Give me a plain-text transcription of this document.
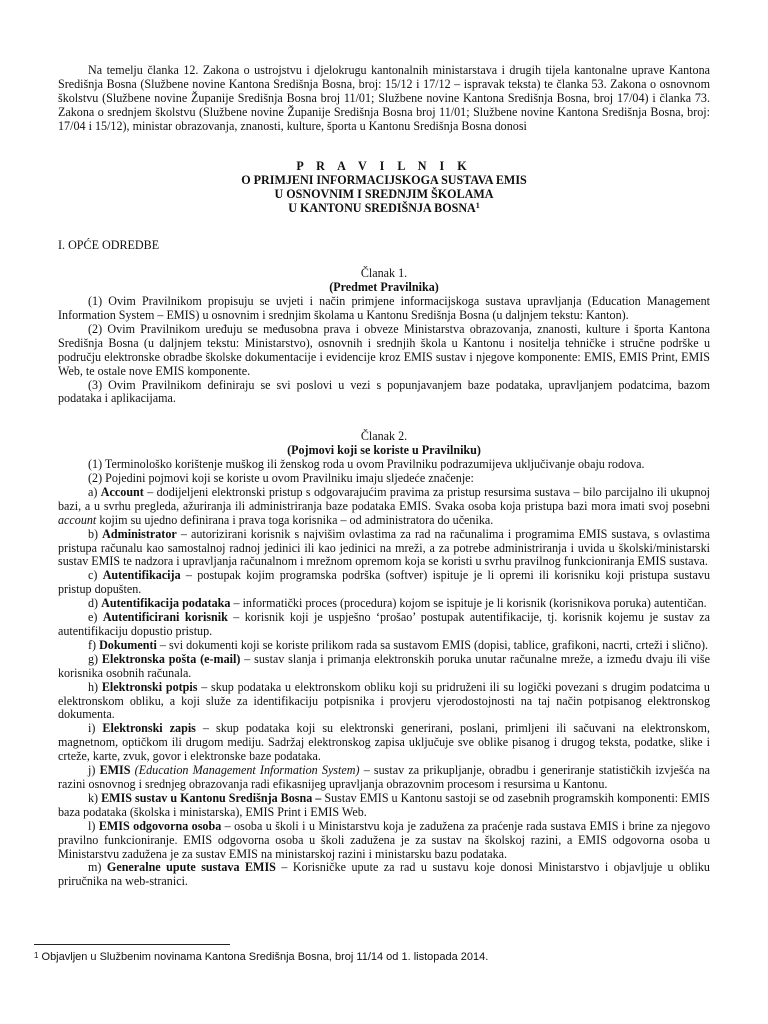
Na temelju članka 12. Zakona o ustrojstvu i djelokrugu kantonalnih ministarstava i drugih tijela kantonalne uprave Kantona Središnja Bosna (Službene novine Kantona Središnja Bosna, broj: 15/12 i 17/12 – ispravak teksta) te članka 53. Zakona o osnovnom školstvu (Službene novine Županije Središnja Bosna broj 11/01; Službene novine Kantona Središnja Bosna, broj 17/04) i članka 73. Zakona o srednjem školstvu (Službene novine Županije Središnja Bosna broj 11/01; Službene novine Kantona Središnja Bosna, broj: 17/04 i 15/12), ministar obrazovanja, znanosti, kulture, športa u Kantonu Središnja Bosna donosi

P R A V I L N I K
O PRIMJENI INFORMACIJSKOGA SUSTAVA EMIS
U OSNOVNIM I SREDNJIM ŠKOLAMA
U KANTONU SREDIŠNJA BOSNA$^1$
I. OPĆE ODREDBE
Članak 1.
(Predmet Pravilnika)

(1) Ovim Pravilnikom propisuju se uvjeti i način primjene informacijskoga sustava upravljanja (Education Management Information System – EMIS) u osnovnim i srednjim školama u Kantonu Središnja Bosna (u daljnjem tekstu: Kanton).

(2) Ovim Pravilnikom uređuju se međusobna prava i obveze Ministarstva obrazovanja, znanosti, kulture i športa Kantona Središnja Bosna (u daljnjem tekstu: Ministarstvo), osnovnih i srednjih škola u Kantonu i nositelja tehničke i stručne podrške u području elektronske obradbe školske dokumentacije i evidencije kroz EMIS sustav i njegove komponente: EMIS, EMIS Print, EMIS Web, te ostale nove EMIS komponente.

(3) Ovim Pravilnikom definiraju se svi poslovi u vezi s popunjavanjem baze podataka, upravljanjem podatcima, bazom podataka i aplikacijama.

Članak 2.
(Pojmovi koji se koriste u Pravilniku)

(1) Terminološko korištenje muškog ili ženskog roda u ovom Pravilniku podrazumijeva uključivanje obaju rodova.

(2) Pojedini pojmovi koji se koriste u ovom Pravilniku imaju sljedeće značenje:

a) Account – dodijeljeni elektronski pristup s odgovarajućim pravima za pristup resursima sustava – bilo parcijalno ili ukupnoj bazi, a u svrhu pregleda, ažuriranja ili administriranja baze podataka EMIS. Svaka osoba koja pristupa bazi mora imati svoj posebni account kojim su ujedno definirana i prava toga korisnika – od administratora do učenika.

b) Administrator – autorizirani korisnik s najvišim ovlastima za rad na računalima i programima EMIS sustava, s ovlastima pristupa računalu kao samostalnoj radnoj jedinici ili kao jedinici na mreži, a za potrebe administriranja i uvida u školski/ministarski sustav EMIS te nadzora i upravljanja računalnom i mrežnom opremom koja se koristi u svrhu pravilnog funkcioniranja EMIS sustava.

c) Autentifikacija – postupak kojim programska podrška (softver) ispituje je li opremi ili korisniku koji pristupa sustavu pristup dopušten.

d) Autentifikacija podataka – informatički proces (procedura) kojom se ispituje je li korisnik (korisnikova poruka) autentičan.

e) Autentificirani korisnik – korisnik koji je uspješno ‘prošao’ postupak autentifikacije, tj. korisnik kojemu je sustav za autentifikaciju dopustio pristup.

f) Dokumenti – svi dokumenti koji se koriste prilikom rada sa sustavom EMIS (dopisi, tablice, grafikoni, nacrti, crteži i slično).

g) Elektronska pošta (e-mail) – sustav slanja i primanja elektronskih poruka unutar računalne mreže, a između dvaju ili više korisnika osobnih računala.

h) Elektronski potpis – skup podataka u elektronskom obliku koji su pridruženi ili su logički povezani s drugim podatcima u elektronskom obliku, a koji služe za identifikaciju potpisnika i provjeru vjerodostojnosti na taj način potpisanog elektronskog dokumenta.

i) Elektronski zapis – skup podataka koji su elektronski generirani, poslani, primljeni ili sačuvani na elektronskom, magnetnom, optičkom ili drugom mediju. Sadržaj elektronskog zapisa uključuje sve oblike pisanog i drugog teksta, podatke, slike i crteže, karte, zvuk, govor i elektronske baze podataka.

j) EMIS (Education Management Information System) – sustav za prikupljanje, obradbu i generiranje statističkih izvješća na razini osnovnog i srednjeg obrazovanja radi efikasnijeg upravljanja obrazovnim procesom i resursima u Kantonu.

k) EMIS sustav u Kantonu Središnja Bosna – Sustav EMIS u Kantonu sastoji se od zasebnih programskih komponenti: EMIS baza podataka (školska i ministarska), EMIS Print i EMIS Web.

l) EMIS odgovorna osoba – osoba u školi i u Ministarstvu koja je zadužena za praćenje rada sustava EMIS i brine za njegovo pravilno funkcioniranje. EMIS odgovorna osoba u školi zadužena je za sustav na školskoj razini, a EMIS odgovorna osoba u Ministarstvu zadužena je za sustav EMIS na ministarskoj razini i ministarsku bazu podataka.

m) Generalne upute sustava EMIS – Korisničke upute za rad u sustavu koje donosi Ministarstvo i objavljuje u obliku priručnika na web-stranici.

$^1$ Objavljen u Službenim novinama Kantona Središnja Bosna, broj 11/14 od 1. listopada 2014.
